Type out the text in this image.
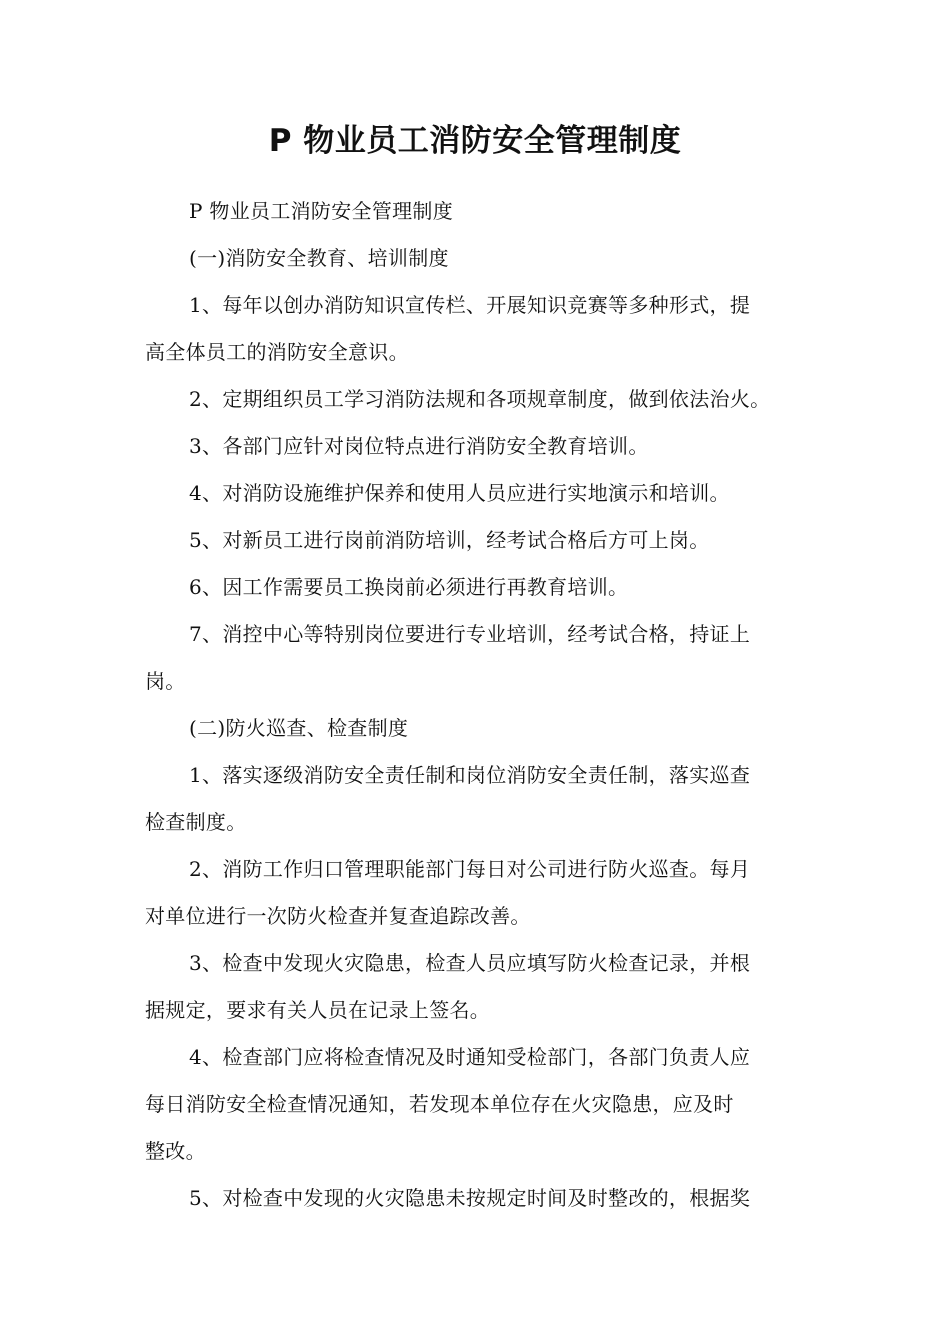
P 物业员工消防安全管理制度

P 物业员工消防安全管理制度

(一)消防安全教育、培训制度

1、每年以创办消防知识宣传栏、开展知识竞赛等多种形式，提
高全体员工的消防安全意识。

2、定期组织员工学习消防法规和各项规章制度，做到依法治火。

3、各部门应针对岗位特点进行消防安全教育培训。

4、对消防设施维护保养和使用人员应进行实地演示和培训。

5、对新员工进行岗前消防培训，经考试合格后方可上岗。

6、因工作需要员工换岗前必须进行再教育培训。

7、消控中心等特别岗位要进行专业培训，经考试合格，持证上
岗。

(二)防火巡查、检查制度

1、落实逐级消防安全责任制和岗位消防安全责任制，落实巡查
检查制度。

2、消防工作归口管理职能部门每日对公司进行防火巡查。每月
对单位进行一次防火检查并复查追踪改善。

3、检查中发现火灾隐患，检查人员应填写防火检查记录，并根
据规定，要求有关人员在记录上签名。

4、检查部门应将检查情况及时通知受检部门，各部门负责人应
每日消防安全检查情况通知，若发现本单位存在火灾隐患，应及时
整改。

5、对检查中发现的火灾隐患未按规定时间及时整改的，根据奖
